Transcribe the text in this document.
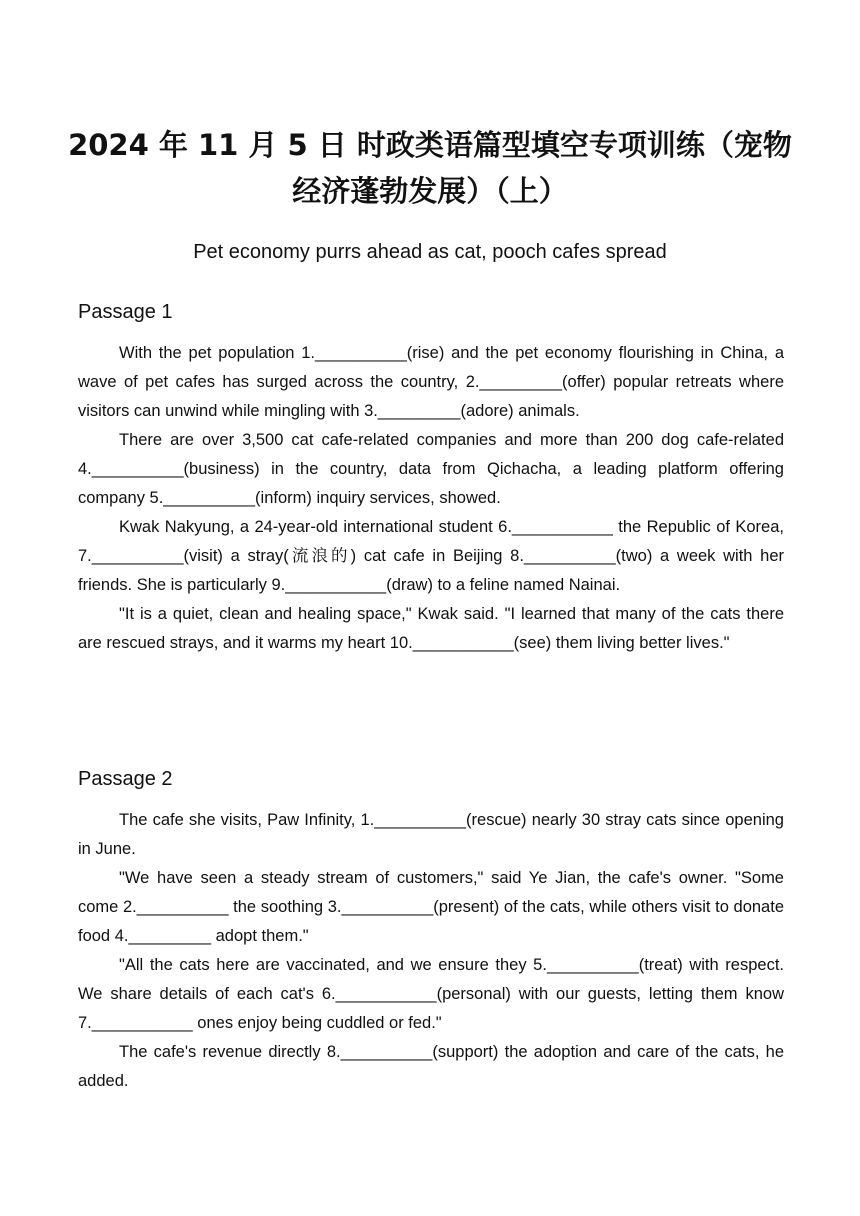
2024 年 11 月 5 日 时政类语篇型填空专项训练（宠物经济蓬勃发展）（上）
Pet economy purrs ahead as cat, pooch cafes spread
Passage 1

With the pet population 1.__________(rise) and the pet economy flourishing in China, a wave of pet cafes has surged across the country, 2._________(offer) popular retreats where visitors can unwind while mingling with 3._________(adore) animals.

There are over 3,500 cat cafe-related companies and more than 200 dog cafe-related 4.__________(business) in the country, data from Qichacha, a leading platform offering company 5.__________(inform) inquiry services, showed.

Kwak Nakyung, a 24-year-old international student 6.___________ the Republic of Korea, 7.__________(visit) a stray(流浪的) cat cafe in Beijing 8.__________(two) a week with her friends. She is particularly 9.___________(draw) to a feline named Nainai.

"It is a quiet, clean and healing space," Kwak said. "I learned that many of the cats there are rescued strays, and it warms my heart 10.___________(see) them living better lives."

Passage 2

The cafe she visits, Paw Infinity, 1.__________(rescue) nearly 30 stray cats since opening in June.

"We have seen a steady stream of customers," said Ye Jian, the cafe's owner. "Some come 2.__________ the soothing 3.__________(present) of the cats, while others visit to donate food 4._________ adopt them."

"All the cats here are vaccinated, and we ensure they 5.__________(treat) with respect. We share details of each cat's 6.___________(personal) with our guests, letting them know 7.___________ ones enjoy being cuddled or fed."

The cafe's revenue directly 8.__________(support) the adoption and care of the cats, he added.
